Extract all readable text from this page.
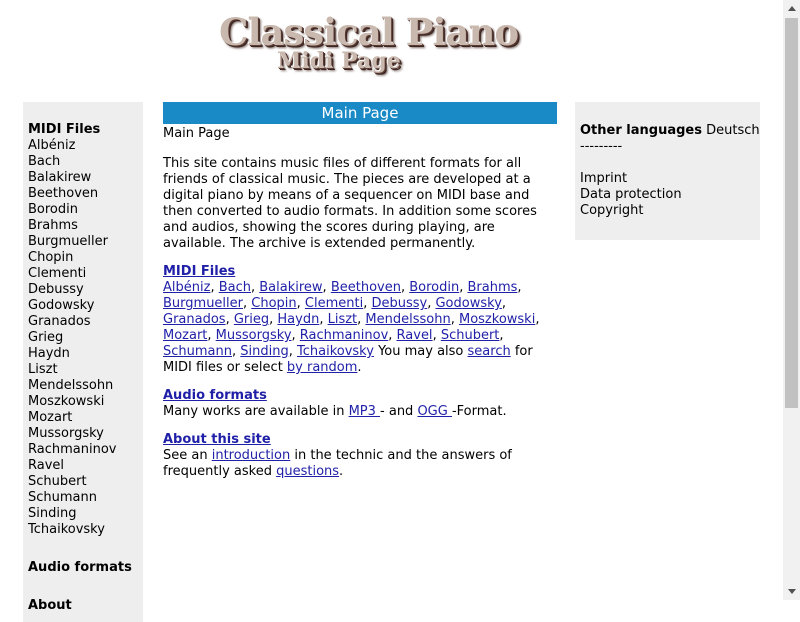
Classical Piano
Midi Page
MIDI Files
Albéniz
Bach
Balakirew
Beethoven
Borodin
Brahms
Burgmueller
Chopin
Clementi
Debussy
Godowsky
Granados
Grieg
Haydn
Liszt
Mendelssohn
Moszkowski
Mozart
Mussorgsky
Rachmaninov
Ravel
Schubert
Schumann
Sinding
Tchaikovsky
Audio formats
About
Main Page
Main Page

This site contains music files of different formats for all friends of classical music. The pieces are developed at a digital piano by means of a sequencer on MIDI base and then converted to audio formats. In addition some scores and audios, showing the scores during playing, are available. The archive is extended permanently.

MIDI Files

Albéniz, Bach, Balakirew, Beethoven, Borodin, Brahms, Burgmueller, Chopin, Clementi, Debussy, Godowsky, Granados, Grieg, Haydn, Liszt, Mendelssohn, Moszkowski, Mozart, Mussorgsky, Rachmaninov, Ravel, Schubert, Schumann, Sinding, Tchaikovsky You may also search for MIDI files or select by random.

Audio formats

Many works are available in MP3 - and OGG -Format.

About this site

See an introduction in the technic and the answers of frequently asked questions.

Other languages Deutsch
---------
Imprint
Data protection
Copyright
